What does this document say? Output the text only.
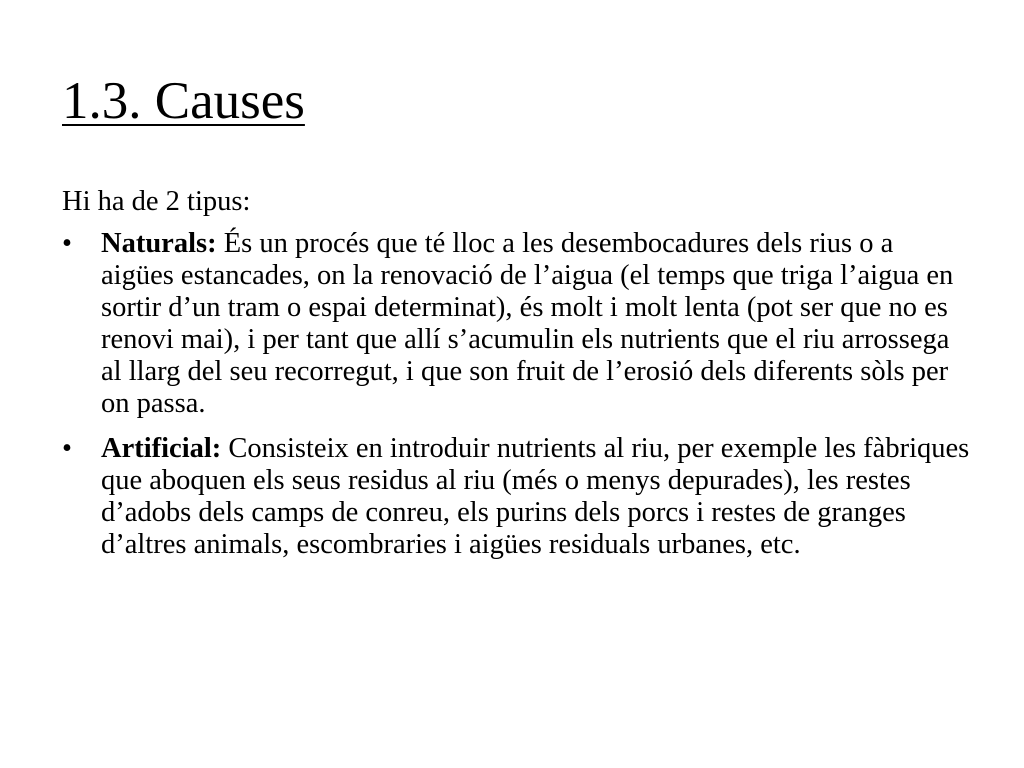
1.3. Causes

Hi ha de 2 tipus:

•	Naturals: És un procés que té lloc a les desembocadures dels rius o a aigües estancades, on la renovació de l’aigua (el temps que triga l’aigua en sortir d’un tram o espai determinat), és molt i molt lenta (pot ser que no es renovi mai), i per tant que allí s’acumulin els nutrients que el riu arrossega al llarg del seu recorregut, i que son fruit de l’erosió dels diferents sòls per on passa.
•	Artificial: Consisteix en introduir nutrients al riu, per exemple les fàbriques que aboquen els seus residus al riu (més o menys depurades), les restes d’adobs dels camps de conreu, els purins dels porcs i restes de granges d’altres animals, escombraries i aigües residuals urbanes, etc.
